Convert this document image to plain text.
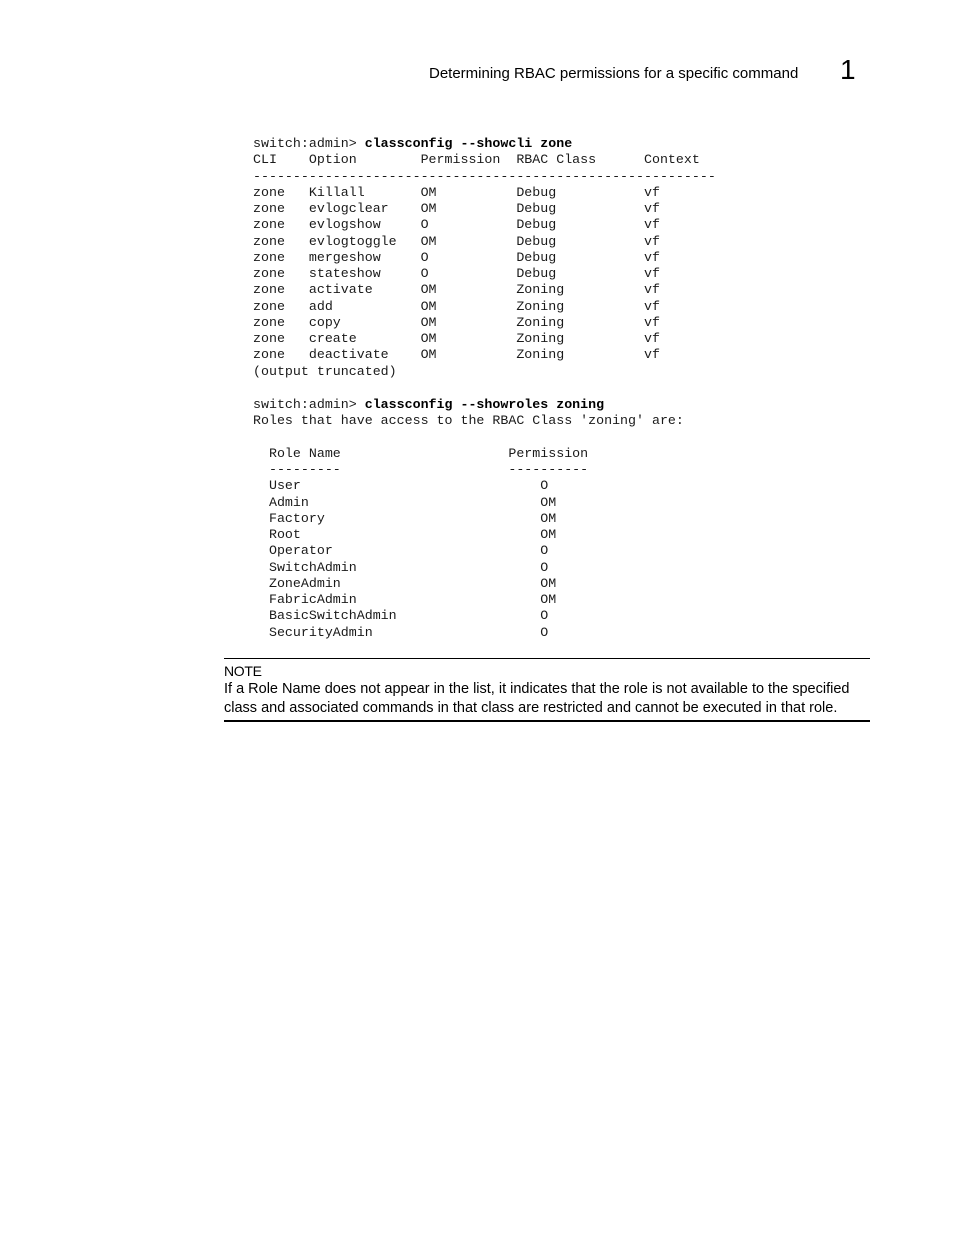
Determining RBAC permissions for a specific command 1
switch:admin> classconfig --showcli zone
CLI    Option        Permission  RBAC Class      Context
----------------------------------------------------------
zone   Killall       OM          Debug           vf
zone   evlogclear    OM          Debug           vf
zone   evlogshow     O           Debug           vf
zone   evlogtoggle   OM          Debug           vf
zone   mergeshow     O           Debug           vf
zone   stateshow     O           Debug           vf
zone   activate      OM          Zoning          vf
zone   add           OM          Zoning          vf
zone   copy          OM          Zoning          vf
zone   create        OM          Zoning          vf
zone   deactivate    OM          Zoning          vf
(output truncated)
switch:admin> classconfig --showroles zoning
Roles that have access to the RBAC Class 'zoning' are:

Role Name                     Permission
---------                     ----------
User                              O
Admin                             OM
Factory                           OM
Root                              OM
Operator                          O
SwitchAdmin                       O
ZoneAdmin                         OM
FabricAdmin                       OM
BasicSwitchAdmin                  O
SecurityAdmin                     O
NOTE
If a Role Name does not appear in the list, it indicates that the role is not available to the specified class and associated commands in that class are restricted and cannot be executed in that role.
